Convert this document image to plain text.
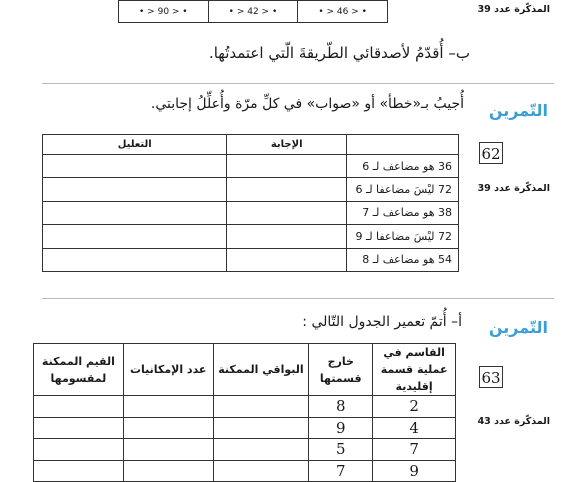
• > 90 > •	• > 42 > •	• > 46 > •	المذكّرة عدد 39
ب– أُقدّمُ لأصدقائي الطّريقةَ الّتي اعتمدتُها.
التّمرين
أُجيبُ بـ«خطأ» أو «صواب» في كلِّ مرّة وأُعلِّلُ إجابتي.
62
المذكّرة عدد 39
التعليل	الإجابة	
		36 هو مضاعف لـ 6
		72 ليْسَ مضاعفا لـ 6
		38 هو مضاعف لـ 7
		72 ليْسَ مضاعفا لـ 9
		54 هو مضاعف لـ 8
التّمرين
أ– أُتمّ تعمير الجدول التّالي :
63
المذكّرة عدد 43
القيم الممكنة لمقسومها	عدد الإمكانيات	البواقي الممكنة	خارج قسمتها	القاسم في عملية قسمة إقليدية
			8	2
			9	4
			5	7
			7	9
